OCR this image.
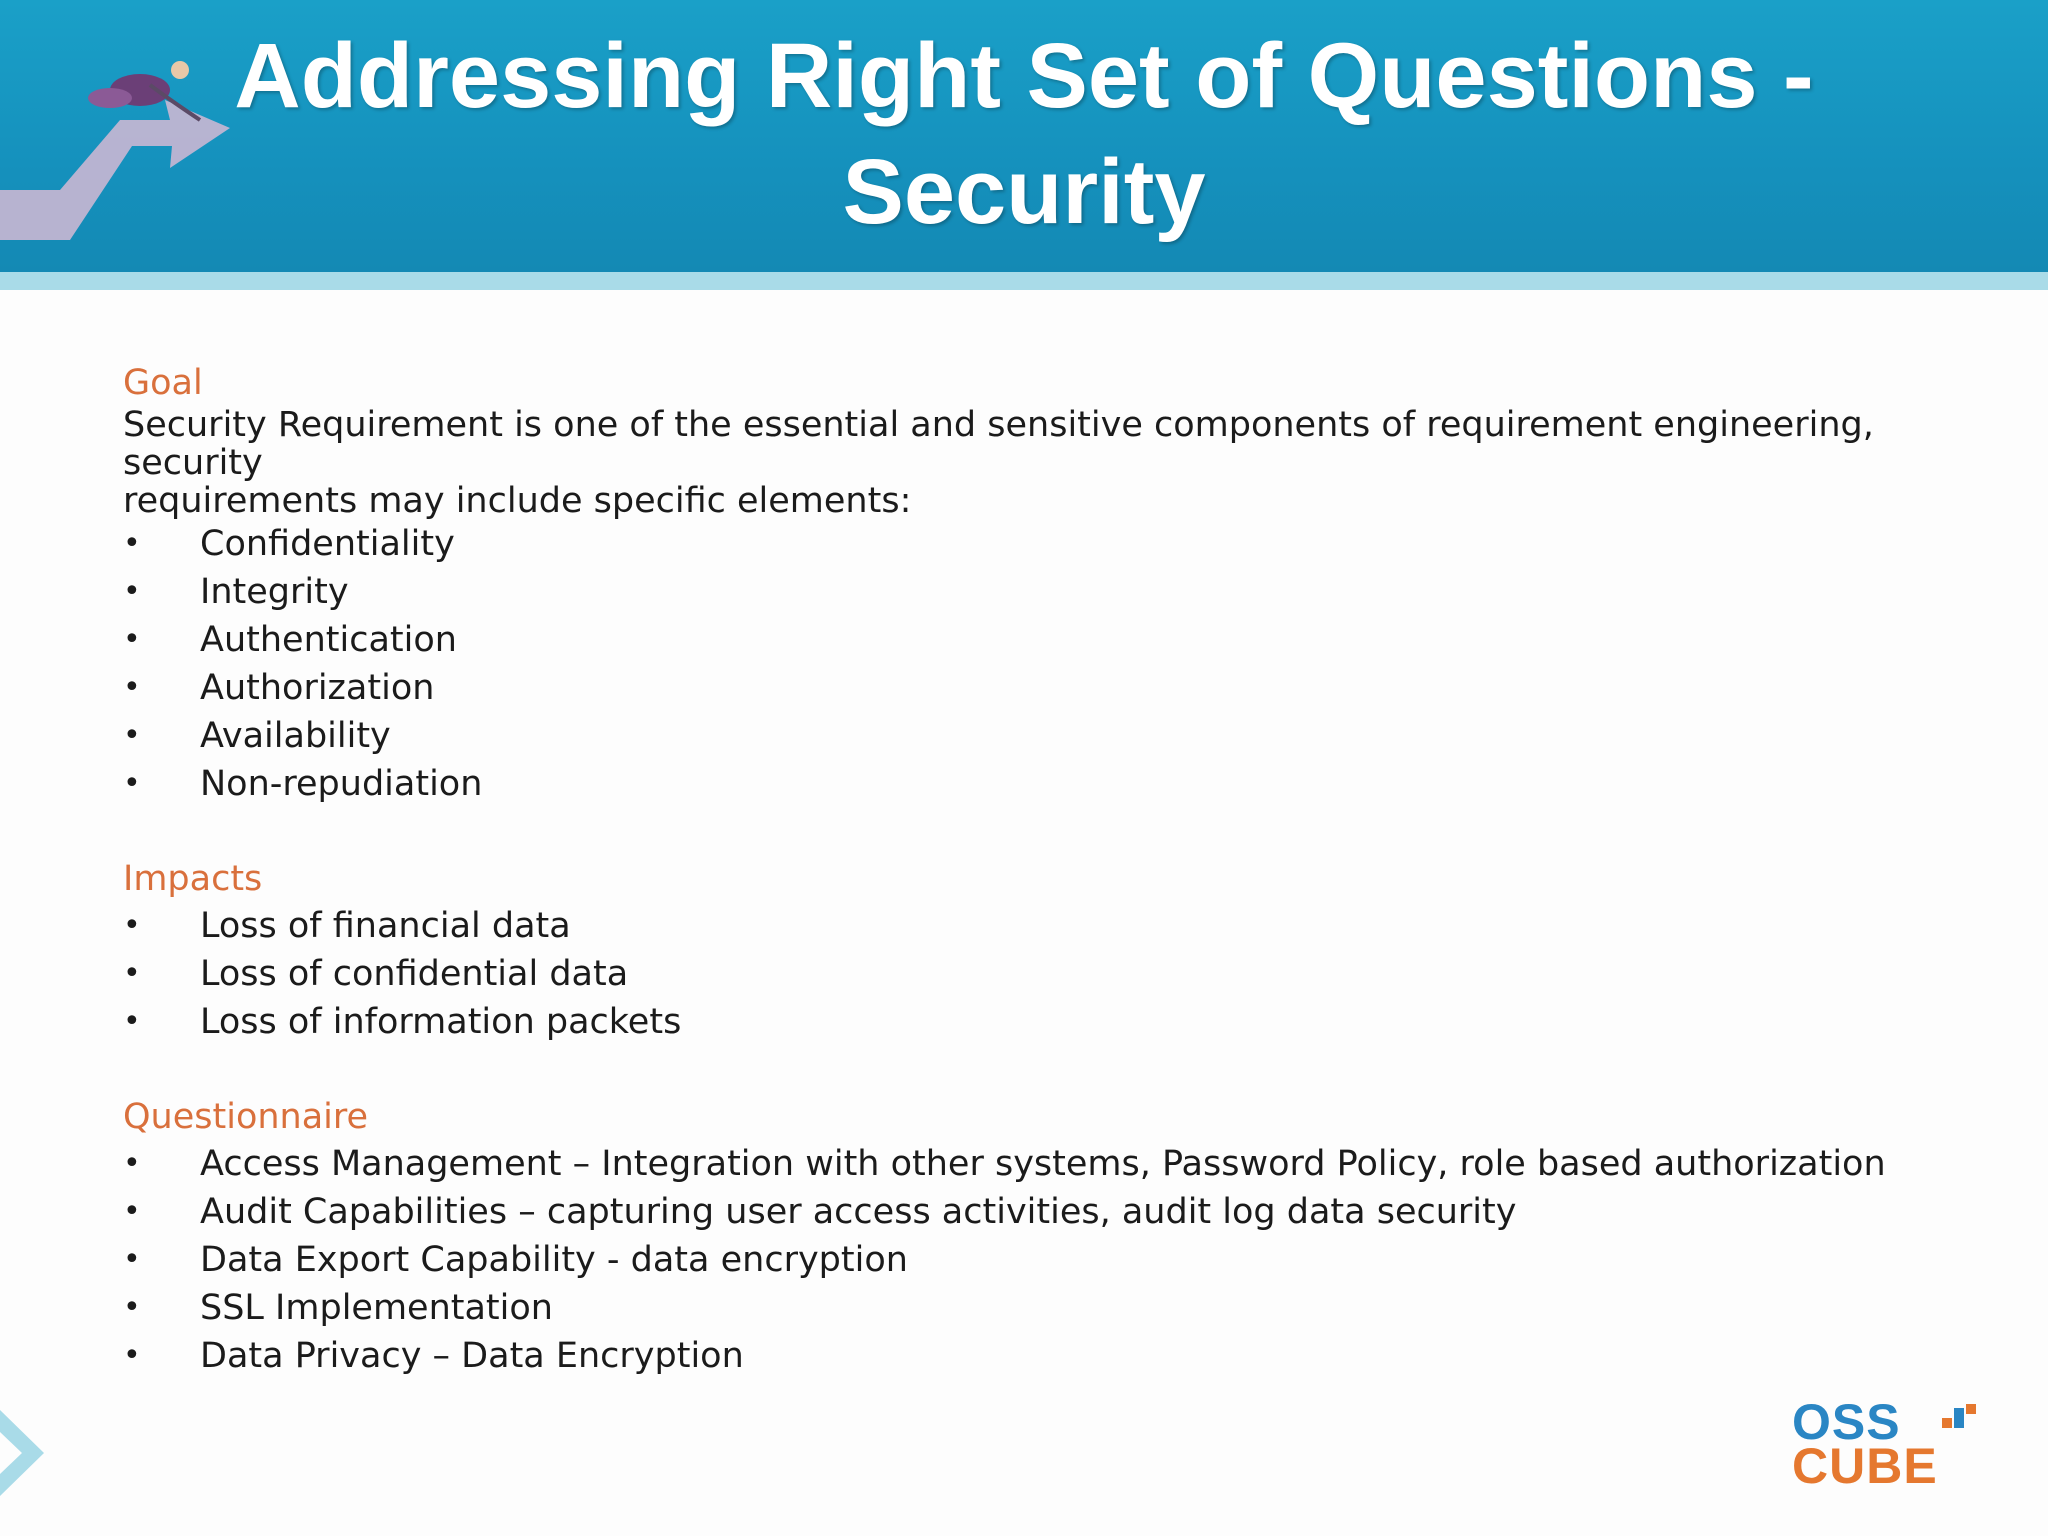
Addressing Right Set of Questions -
Security

Goal

Security Requirement is one of the essential and sensitive components of requirement engineering, security

requirements may include specific elements:

•	Confidentiality
•	Integrity
•	Authentication
•	Authorization
•	Availability
•	Non-repudiation

Impacts

•	Loss of financial data
•	Loss of confidential data
•	Loss of information packets

Questionnaire

•	Access Management – Integration with other systems, Password Policy, role based authorization
•	Audit Capabilities – capturing user access activities, audit log data security
•	Data Export Capability - data encryption
•	SSL Implementation
•	Data Privacy – Data Encryption
OSS
CUBE
